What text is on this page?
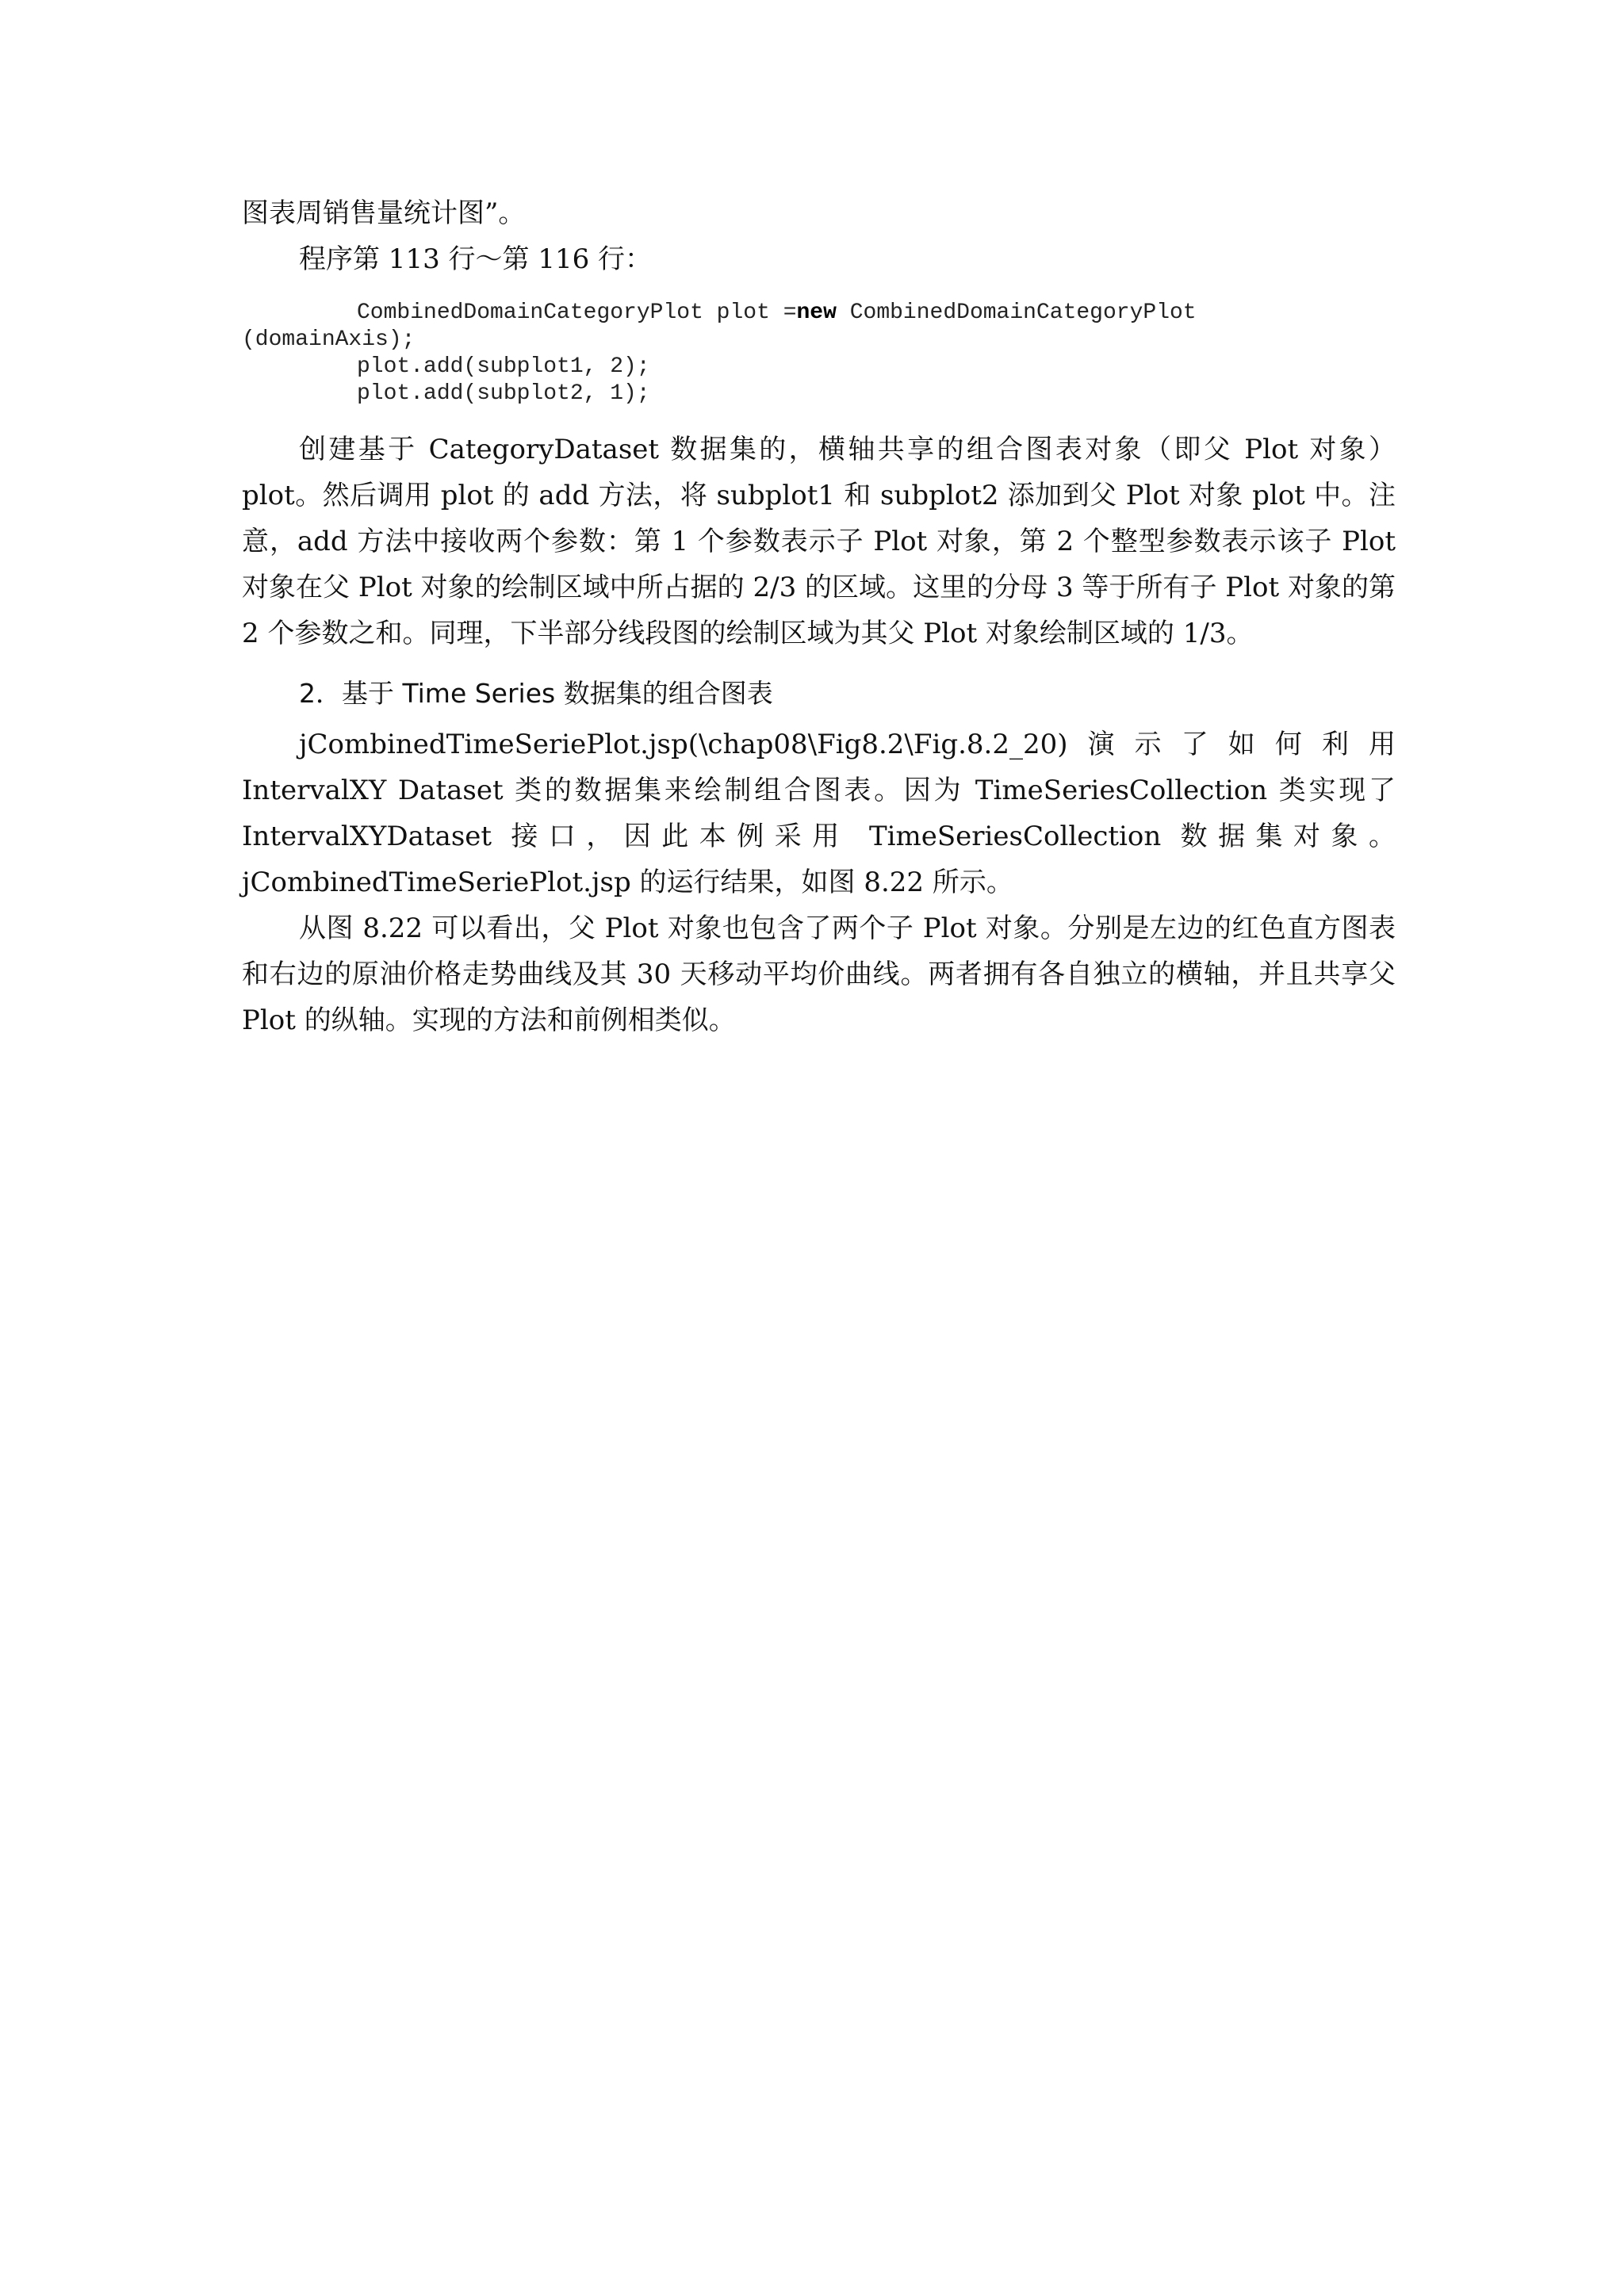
图表周销售量统计图”。

程序第 113 行～第 116 行：

CombinedDomainCategoryPlot plot =new CombinedDomainCategoryPlot
(domainAxis);
plot.add(subplot1, 2);
plot.add(subplot2, 1);

创建基于 CategoryDataset 数据集的，横轴共享的组合图表对象（即父 Plot 对象）plot。然后调用 plot 的 add 方法，将 subplot1 和 subplot2 添加到父 Plot 对象 plot 中。注意，add 方法中接收两个参数：第 1 个参数表示子 Plot 对象，第 2 个整型参数表示该子 Plot 对象在父 Plot 对象的绘制区域中所占据的 2/3 的区域。这里的分母 3 等于所有子 Plot 对象的第 2 个参数之和。同理，下半部分线段图的绘制区域为其父 Plot 对象绘制区域的 1/3。

2．基于 Time Series 数据集的组合图表

jCombinedTimeSeriePlot.jsp(\chap08\Fig8.2\Fig.8.2_20)演示了如何利用 IntervalXY Dataset 类的数据集来绘制组合图表。因为 TimeSeriesCollection 类实现了 IntervalXYDataset 接口，因此本例采用 TimeSeriesCollection 数据集对象。jCombinedTimeSeriePlot.jsp 的运行结果，如图 8.22 所示。

从图 8.22 可以看出，父 Plot 对象也包含了两个子 Plot 对象。分别是左边的红色直方图表和右边的原油价格走势曲线及其 30 天移动平均价曲线。两者拥有各自独立的横轴，并且共享父 Plot 的纵轴。实现的方法和前例相类似。
